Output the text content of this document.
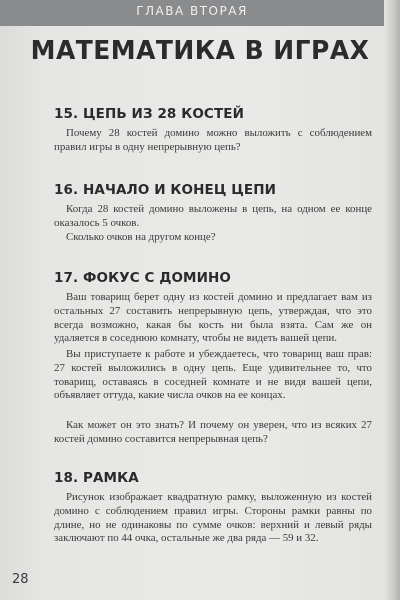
ГЛАВА ВТОРАЯ
МАТЕМАТИКА В ИГРАХ
15. ЦЕПЬ ИЗ 28 КОСТЕЙ

Почему 28 костей домино можно выложить с соблюдением правил игры в одну непрерывную цепь?

16. НАЧАЛО И КОНЕЦ ЦЕПИ

Когда 28 костей домино выложены в цепь, на одном ее конце оказалось 5 очков.

Сколько очков на другом конце?

17. ФОКУС С ДОМИНО

Ваш товарищ берет одну из костей домино и предлагает вам из остальных 27 составить непрерывную цепь, утверждая, что это всегда возможно, какая бы кость ни была взята. Сам же он удаляется в соседнюю комнату, чтобы не видеть вашей цепи.

Вы приступаете к работе и убеждаетесь, что товарищ ваш прав: 27 костей выложились в одну цепь. Еще удивительнее то, что товарищ, оставаясь в соседней комнате и не видя вашей цепи, объявляет оттуда, какие числа очков на ее концах.

Как может он это знать? И почему он уверен, что из всяких 27 костей домино составится непрерывная цепь?

18. РАМКА

Рисунок изображает квадратную рамку, выложенную из костей домино с соблюдением правил игры. Стороны рамки равны по длине, но не одинаковы по сумме очков: верхний и левый ряды заключают по 44 очка, остальные же два ряда — 59 и 32.

28
